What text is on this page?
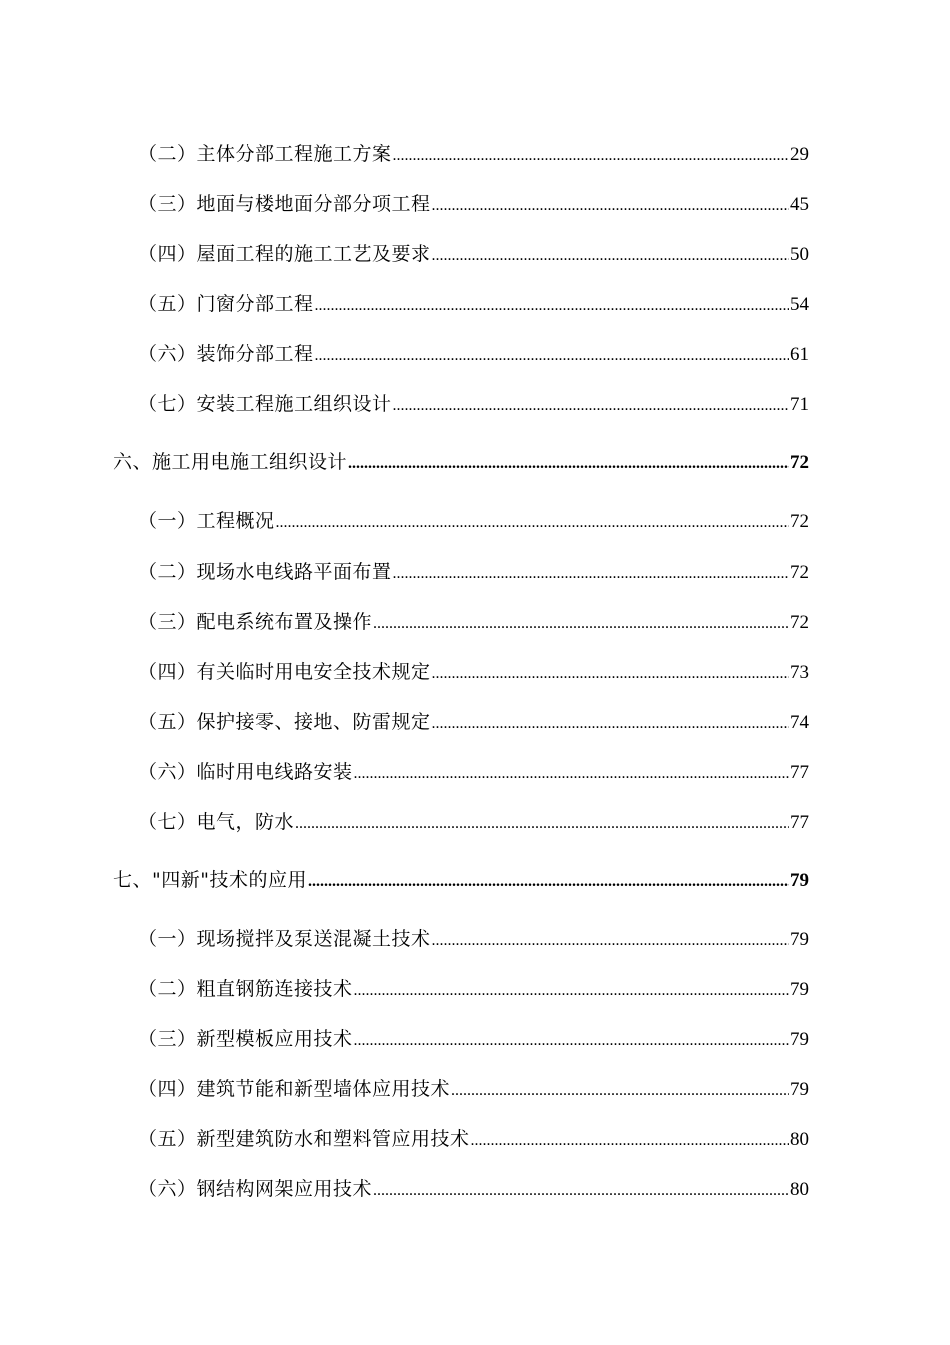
（二）主体分部工程施工方案 .....	29
（三）地面与楼地面分部分项工程 .....	45
（四）屋面工程的施工工艺及要求 .....	50
（五）门窗分部工程 .....	54
（六）装饰分部工程 .....	61
（七）安装工程施工组织设计 .....	71
六、施工用电施工组织设计 .....	72
（一）工程概况 .....	72
（二）现场水电线路平面布置 .....	72
（三）配电系统布置及操作 .....	72
（四）有关临时用电安全技术规定 .....	73
（五）保护接零、接地、防雷规定 .....	74
（六）临时用电线路安装 .....	77
（七）电气，防水 .....	77
七、"四新"技术的应用 .....	79
（一）现场搅拌及泵送混凝土技术 .....	79
（二）粗直钢筋连接技术 .....	79
（三）新型模板应用技术 .....	79
（四）建筑节能和新型墙体应用技术 .....	79
（五）新型建筑防水和塑料管应用技术 .....	80
（六）钢结构网架应用技术 .....	80
